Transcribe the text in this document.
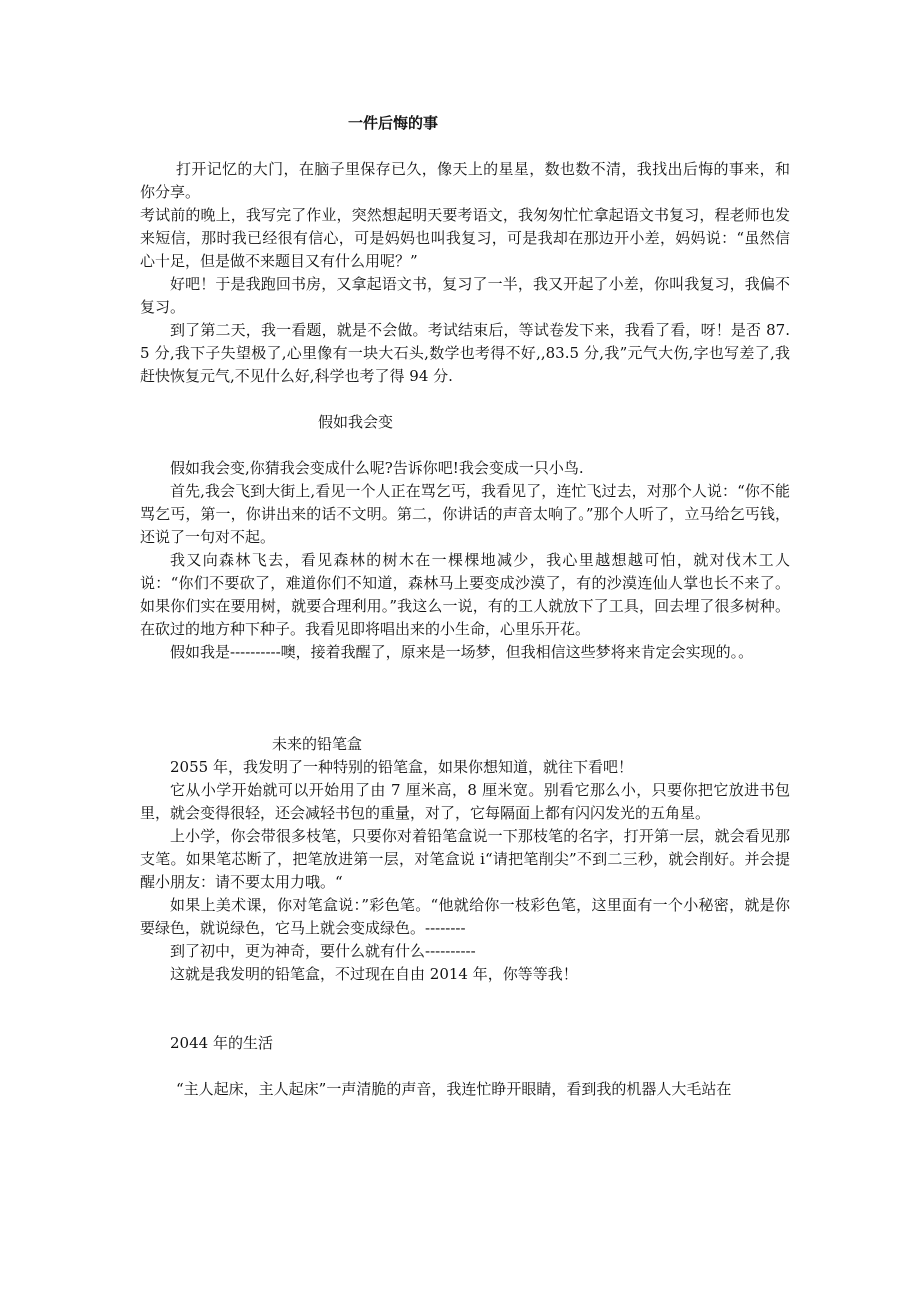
一件后悔的事

打开记忆的大门，在脑子里保存已久，像天上的星星，数也数不清，我找出后悔的事来，和你分享。

考试前的晚上，我写完了作业，突然想起明天要考语文，我匆匆忙忙拿起语文书复习，程老师也发来短信，那时我已经很有信心，可是妈妈也叫我复习，可是我却在那边开小差，妈妈说：“虽然信心十足，但是做不来题目又有什么用呢？”

好吧！于是我跑回书房，又拿起语文书，复习了一半，我又开起了小差，你叫我复习，我偏不复习。

到了第二天，我一看题，就是不会做。考试结束后，等试卷发下来，我看了看，呀！是否 87.5 分,我下子失望极了,心里像有一块大石头,数学也考得不好,,83.5 分,我”元气大伤,字也写差了,我赶快恢复元气,不见什么好,科学也考了得 94 分.

假如我会变

假如我会变,你猜我会变成什么呢?告诉你吧!我会变成一只小鸟.

首先,我会飞到大街上,看见一个人正在骂乞丐，我看见了，连忙飞过去，对那个人说：“你不能骂乞丐，第一，你讲出来的话不文明。第二，你讲话的声音太响了。”那个人听了，立马给乞丐钱，还说了一句对不起。

我又向森林飞去，看见森林的树木在一棵棵地减少，我心里越想越可怕，就对伐木工人说：“你们不要砍了，难道你们不知道，森林马上要变成沙漠了，有的沙漠连仙人掌也长不来了。如果你们实在要用树，就要合理利用。”我这么一说，有的工人就放下了工具，回去埋了很多树种。在砍过的地方种下种子。我看见即将唱出来的小生命，心里乐开花。

假如我是----------噢，接着我醒了，原来是一场梦，但我相信这些梦将来肯定会实现的。。

未来的铅笔盒

2055 年，我发明了一种特别的铅笔盒，如果你想知道，就往下看吧！

它从小学开始就可以开始用了由 7 厘米高，8 厘米宽。别看它那么小，只要你把它放进书包里，就会变得很轻，还会减轻书包的重量，对了，它每隔面上都有闪闪发光的五角星。

上小学，你会带很多枝笔，只要你对着铅笔盒说一下那枝笔的名字，打开第一层，就会看见那支笔。如果笔芯断了，把笔放进第一层，对笔盒说 i“请把笔削尖”不到二三秒，就会削好。并会提醒小朋友：请不要太用力哦。“

如果上美术课，你对笔盒说：”彩色笔。“他就给你一枝彩色笔，这里面有一个小秘密，就是你要绿色，就说绿色，它马上就会变成绿色。--------

到了初中，更为神奇，要什么就有什么----------

这就是我发明的铅笔盒，不过现在自由 2014 年，你等等我！

2044 年的生活

“主人起床，主人起床”一声清脆的声音，我连忙睁开眼睛，看到我的机器人大毛站在
